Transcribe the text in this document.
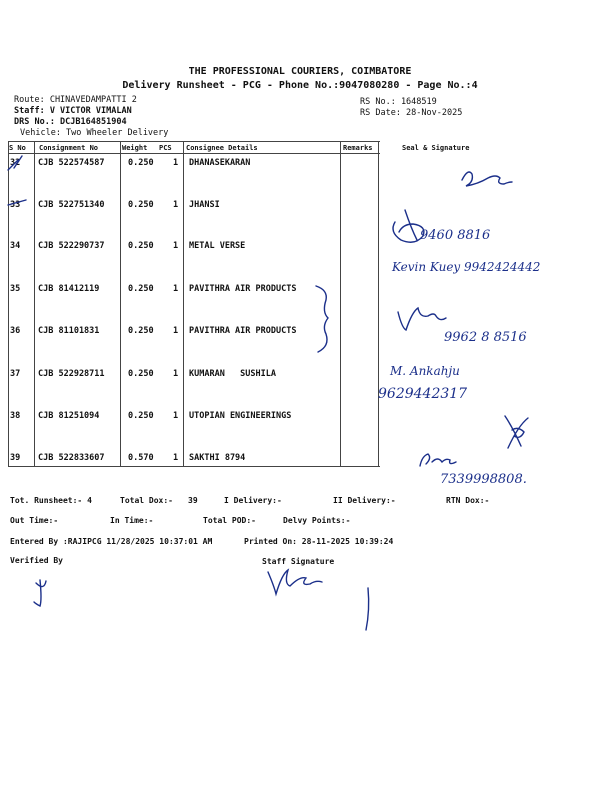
THE PROFESSIONAL COURIERS, COIMBATORE
Delivery Runsheet - PCG - Phone No.:9047080280 - Page No.:4
Route: CHINAVEDAMPATTI 2
Staff: V VICTOR VIMALAN
DRS No.: DCJB164851904
Vehicle: Two Wheeler Delivery
RS No.: 1648519
RS Date: 28-Nov-2025
S No Consignment No	Weight PCS Consignee Details	Remarks	Seal & Signature
32 CJB 522574587	0.250 1 DHANASEKARAN
33 CJB 522751340	0.250 1 JHANSI
34 CJB 522290737	0.250 1 METAL VERSE
35 CJB 81412119	0.250 1 PAVITHRA AIR PRODUCTS
36 CJB 81101831	0.250 1 PAVITHRA AIR PRODUCTS
37 CJB 522928711	0.250 1 KUMARAN   SUSHILA
38 CJB 81251094	0.250 1 UTOPIAN ENGINEERINGS
39 CJB 522833607	0.570 1 SAKTHI 8794
9460 8816
Kevin Kuey 9942424442
9962 8 8516
M. Ankahju
9629442317
7339998808.
Tot. Runsheet:- 4	Total Dox:- 39	I Delivery:-	II Delivery:-	RTN Dox:-
Out Time:-	In Time:-	Total POD:-	Delvy Points:-
Entered By :RAJIPCG 11/28/2025 10:37:01 AM	Printed On: 28-11-2025 10:39:24
Verified By	Staff Signature
